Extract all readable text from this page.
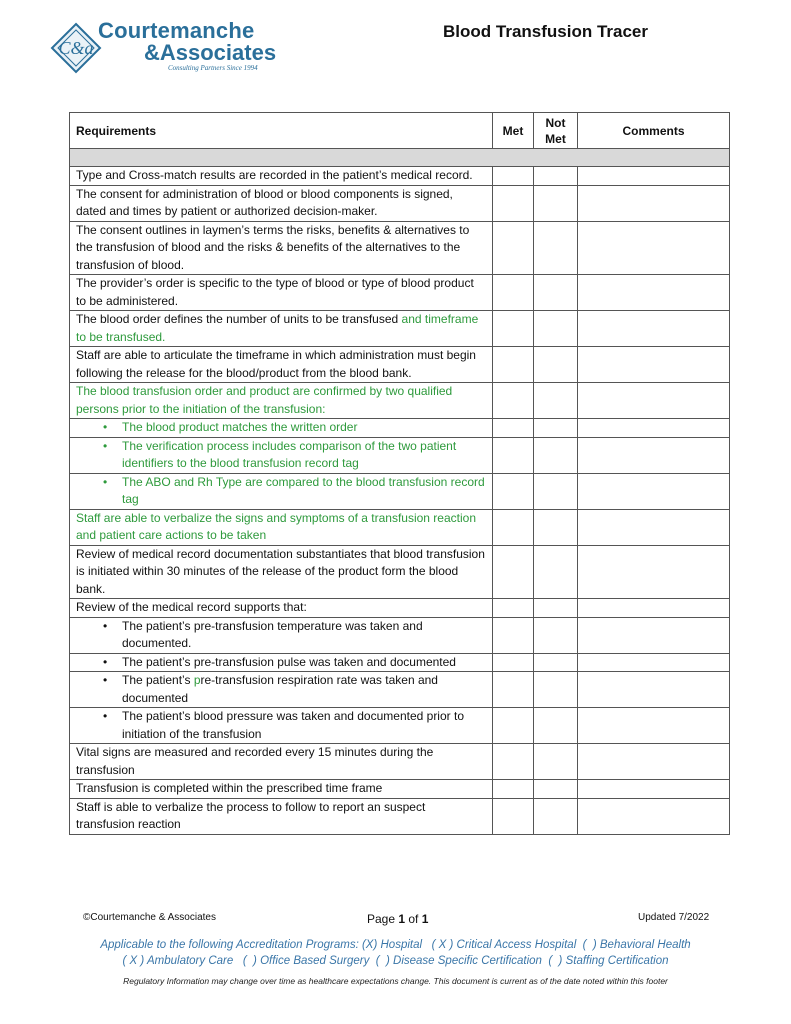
C&a
Courtemanche
&Associates
Consulting Partners Since 1994
Blood Transfusion Tracer
Requirements	Met	Not Met	Comments

Type and Cross-match results are recorded in the patient’s medical record.			
The consent for administration of blood or blood components is signed, dated and times by patient or authorized decision-maker.			
The consent outlines in laymen’s terms the risks, benefits & alternatives to the transfusion of blood and the risks & benefits of the alternatives to the transfusion of blood.			
The provider’s order is specific to the type of blood or type of blood product to be administered.			
The blood order defines the number of units to be transfused and timeframe to be transfused.			
Staff are able to articulate the timeframe in which administration must begin following the release for the blood/product from the blood bank.			
The blood transfusion order and product are confirmed by two qualified persons prior to the initiation of the transfusion:			

• The blood product matches the written order			

• The verification process includes comparison of the two patient identifiers to the blood transfusion record tag			

• The ABO and Rh Type are compared to the blood transfusion record tag			
Staff are able to verbalize the signs and symptoms of a transfusion reaction and patient care actions to be taken			
Review of medical record documentation substantiates that blood transfusion is initiated within 30 minutes of the release of the product form the blood bank.			
Review of the medical record supports that:			

• The patient’s pre-transfusion temperature was taken and documented.			

• The patient’s pre-transfusion pulse was taken and documented			

• The patient’s pre-transfusion respiration rate was taken and documented			

• The patient’s blood pressure was taken and documented prior to initiation of the transfusion			
Vital signs are measured and recorded every 15 minutes during the transfusion			
Transfusion is completed within the prescribed time frame			
Staff is able to verbalize the process to follow to report an suspect transfusion reaction			
©Courtemanche & Associates	Page 1 of 1	Updated 7/2022
Applicable to the following Accreditation Programs: (X) Hospital   ( X ) Critical Access Hospital  (  ) Behavioral Health
( X ) Ambulatory Care   (  ) Office Based Surgery  (  ) Disease Specific Certification  (  ) Staffing Certification
Regulatory Information may change over time as healthcare expectations change. This document is current as of the date noted within this footer
